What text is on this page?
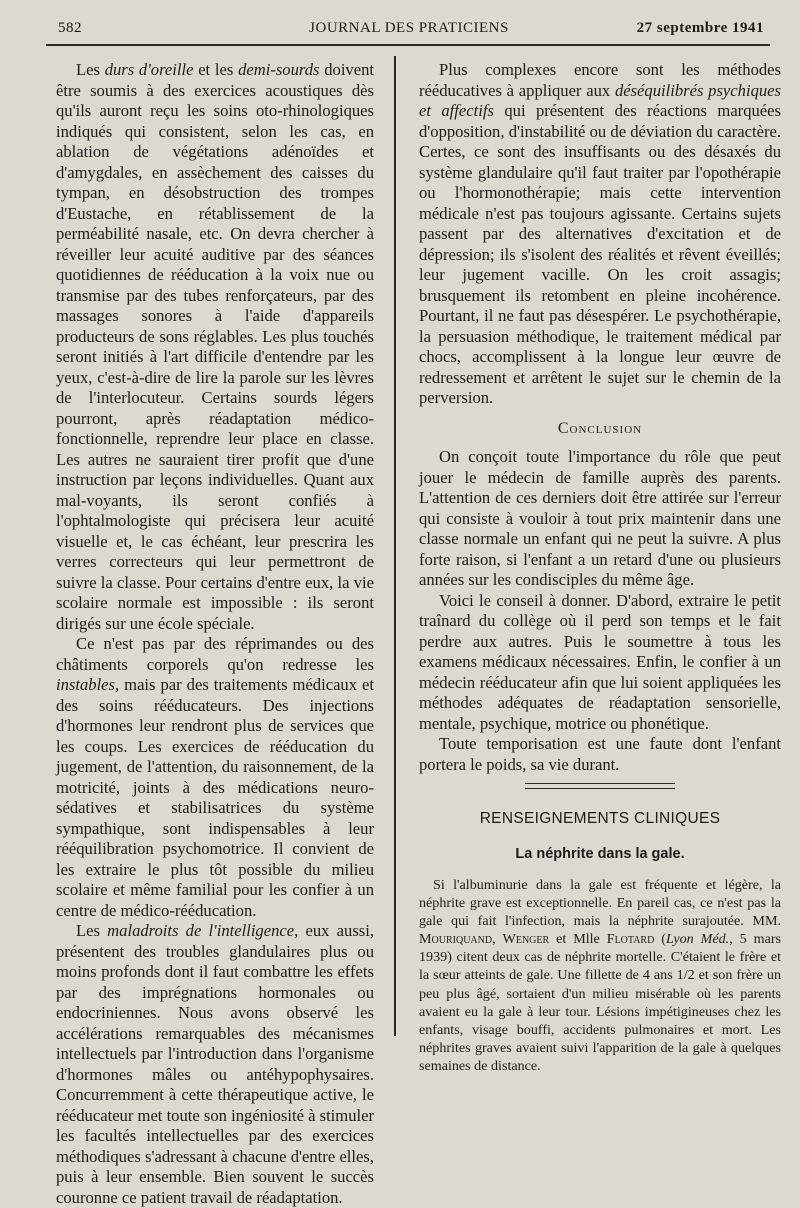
582	JOURNAL DES PRATICIENS	27 septembre 1941

Les durs d'oreille et les demi-sourds doivent être soumis à des exercices acoustiques dès qu'ils auront reçu les soins oto-rhinologiques indiqués qui consistent, selon les cas, en ablation de végétations adénoïdes et d'amygdales, en assèchement des caisses du tympan, en désobstruction des trompes d'Eustache, en rétablissement de la perméabilité nasale, etc. On devra chercher à réveiller leur acuité auditive par des séances quotidiennes de rééducation à la voix nue ou transmise par des tubes renforçateurs, par des massages sonores à l'aide d'appareils producteurs de sons réglables. Les plus touchés seront initiés à l'art difficile d'entendre par les yeux, c'est-à-dire de lire la parole sur les lèvres de l'interlocuteur. Certains sourds légers pourront, après réadaptation médico-fonctionnelle, reprendre leur place en classe. Les autres ne sauraient tirer profit que d'une instruction par leçons individuelles. Quant aux mal-voyants, ils seront confiés à l'ophtalmologiste qui précisera leur acuité visuelle et, le cas échéant, leur prescrira les verres correcteurs qui leur permettront de suivre la classe. Pour certains d'entre eux, la vie scolaire normale est impossible : ils seront dirigés sur une école spéciale.

Ce n'est pas par des réprimandes ou des châtiments corporels qu'on redresse les instables, mais par des traitements médicaux et des soins rééducateurs. Des injections d'hormones leur rendront plus de services que les coups. Les exercices de rééducation du jugement, de l'attention, du raisonnement, de la motricité, joints à des médications neuro-sédatives et stabilisatrices du système sympathique, sont indispensables à leur rééquilibration psychomotrice. Il convient de les extraire le plus tôt possible du milieu scolaire et même familial pour les confier à un centre de médico-rééducation.

Les maladroits de l'intelligence, eux aussi, présentent des troubles glandulaires plus ou moins profonds dont il faut combattre les effets par des imprégnations hormonales ou endocriniennes. Nous avons observé les accélérations remarquables des mécanismes intellectuels par l'introduction dans l'organisme d'hormones mâles ou antéhypophysaires. Concurremment à cette thérapeutique active, le rééducateur met toute son ingéniosité à stimuler les facultés intellectuelles par des exercices méthodiques s'adressant à chacune d'entre elles, puis à leur ensemble. Bien souvent le succès couronne ce patient travail de réadaptation.

Plus complexes encore sont les méthodes rééducatives à appliquer aux déséquilibrés psychiques et affectifs qui présentent des réactions marquées d'opposition, d'instabilité ou de déviation du caractère. Certes, ce sont des insuffisants ou des désaxés du système glandulaire qu'il faut traiter par l'opothérapie ou l'hormonothérapie; mais cette intervention médicale n'est pas toujours agissante. Certains sujets passent par des alternatives d'excitation et de dépression; ils s'isolent des réalités et rêvent éveillés; leur jugement vacille. On les croit assagis; brusquement ils retombent en pleine incohérence. Pourtant, il ne faut pas désespérer. Le psychothérapie, la persuasion méthodique, le traitement médical par chocs, accomplissent à la longue leur œuvre de redressement et arrêtent le sujet sur le chemin de la perversion.

Conclusion

On conçoit toute l'importance du rôle que peut jouer le médecin de famille auprès des parents. L'attention de ces derniers doit être attirée sur l'erreur qui consiste à vouloir à tout prix maintenir dans une classe normale un enfant qui ne peut la suivre. A plus forte raison, si l'enfant a un retard d'une ou plusieurs années sur les condisciples du même âge.

Voici le conseil à donner. D'abord, extraire le petit traînard du collège où il perd son temps et le fait perdre aux autres. Puis le soumettre à tous les examens médicaux nécessaires. Enfin, le confier à un médecin rééducateur afin que lui soient appliquées les méthodes adéquates de réadaptation sensorielle, mentale, psychique, motrice ou phonétique.

Toute temporisation est une faute dont l'enfant portera le poids, sa vie durant.

RENSEIGNEMENTS CLINIQUES
La néphrite dans la gale.

Si l'albuminurie dans la gale est fréquente et légère, la néphrite grave est exceptionnelle. En pareil cas, ce n'est pas la gale qui fait l'infection, mais la néphrite surajoutée. MM. Mouriquand, Wenger et Mlle Flotard (Lyon Méd., 5 mars 1939) citent deux cas de néphrite mortelle. C'étaient le frère et la sœur atteints de gale. Une fillette de 4 ans 1/2 et son frère un peu plus âgé, sortaient d'un milieu misérable où les parents avaient eu la gale à leur tour. Lésions impétigineuses chez les enfants, visage bouffi, accidents pulmonaires et mort. Les néphrites graves avaient suivi l'apparition de la gale à quelques semaines de distance.
